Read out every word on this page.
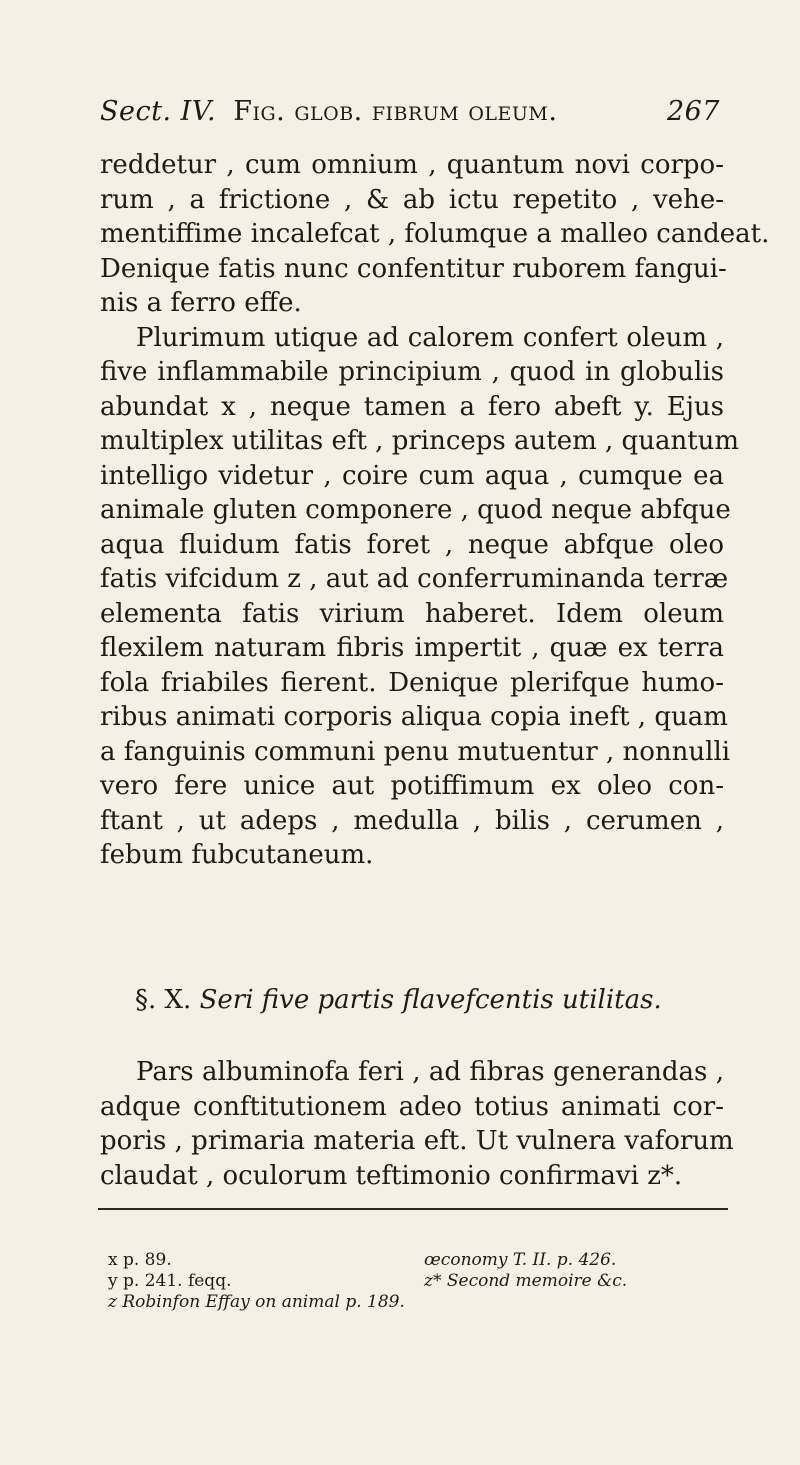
Sect. IV. Fig. glob. fibrum oleum.	267

reddetur , cum omnium , quantum novi corpo-
rum , a frictione , & ab ictu repetito , vehe-
mentiffime incalefcat , folumque a malleo candeat.
Denique fatis nunc confentitur ruborem fangui-
nis a ferro effe.

Plurimum utique ad calorem confert oleum ,
five inflammabile principium , quod in globulis
abundat x , neque tamen a fero abeft y. Ejus
multiplex utilitas eft , princeps autem , quantum
intelligo videtur , coire cum aqua , cumque ea
animale gluten componere , quod neque abfque
aqua fluidum fatis foret , neque abfque oleo
fatis vifcidum z , aut ad conferruminanda terræ
elementa fatis virium haberet. Idem oleum
flexilem naturam fibris impertit , quæ ex terra
fola friabiles fierent. Denique plerifque humo-
ribus animati corporis aliqua copia ineft , quam
a fanguinis communi penu mutuentur , nonnulli
vero fere unice aut potiffimum ex oleo con-
ftant , ut adeps , medulla , bilis , cerumen ,
febum fubcutaneum.

§. X. Seri five partis flavefcentis utilitas.
Pars albuminofa feri , ad fibras generandas ,
adque conftitutionem adeo totius animati cor-
poris , primaria materia eft. Ut vulnera vaforum
claudat , oculorum teftimonio confirmavi z*.
x p. 89.	œconomy T. II. p. 426.
y p. 241. feqq.	z* Second memoire &c.
z Robinfon Effay on animal p. 189.
